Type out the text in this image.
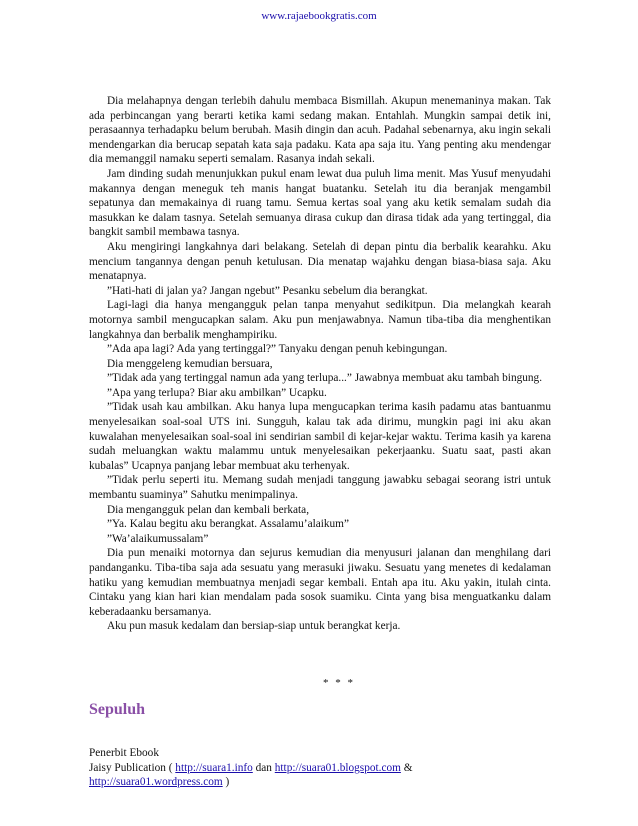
www.rajaebookgratis.com

Dia melahapnya dengan terlebih dahulu membaca Bismillah. Akupun menemaninya makan. Tak ada perbincangan yang berarti ketika kami sedang makan. Entahlah. Mungkin sampai detik ini, perasaannya terhadapku belum berubah. Masih dingin dan acuh. Padahal sebenarnya, aku ingin sekali mendengarkan dia berucap sepatah kata saja padaku. Kata apa saja itu. Yang penting aku mendengar dia memanggil namaku seperti semalam. Rasanya indah sekali.

Jam dinding sudah menunjukkan pukul enam lewat dua puluh lima menit. Mas Yusuf menyudahi makannya dengan meneguk teh manis hangat buatanku. Setelah itu dia beranjak mengambil sepatunya dan memakainya di ruang tamu. Semua kertas soal yang aku ketik semalam sudah dia masukkan ke dalam tasnya. Setelah semuanya dirasa cukup dan dirasa tidak ada yang tertinggal, dia bangkit sambil membawa tasnya.

Aku mengiringi langkahnya dari belakang. Setelah di depan pintu dia berbalik kearahku. Aku mencium tangannya dengan penuh ketulusan. Dia menatap wajahku dengan biasa-biasa saja. Aku menatapnya.

”Hati-hati di jalan ya? Jangan ngebut” Pesanku sebelum dia berangkat.

Lagi-lagi dia hanya mengangguk pelan tanpa menyahut sedikitpun. Dia melangkah kearah motornya sambil mengucapkan salam. Aku pun menjawabnya. Namun tiba-tiba dia menghentikan langkahnya dan berbalik menghampiriku.

”Ada apa lagi? Ada yang tertinggal?” Tanyaku dengan penuh kebingungan.

Dia menggeleng kemudian bersuara,

”Tidak ada yang tertinggal namun ada yang terlupa...” Jawabnya membuat aku tambah bingung.

”Apa yang terlupa? Biar aku ambilkan” Ucapku.

”Tidak usah kau ambilkan. Aku hanya lupa mengucapkan terima kasih padamu atas bantuanmu menyelesaikan soal-soal UTS ini. Sungguh, kalau tak ada dirimu, mungkin pagi ini aku akan kuwalahan menyelesaikan soal-soal ini sendirian sambil di kejar-kejar waktu. Terima kasih ya karena sudah meluangkan waktu malammu untuk menyelesaikan pekerjaanku. Suatu saat, pasti akan kubalas” Ucapnya panjang lebar membuat aku terhenyak.

”Tidak perlu seperti itu. Memang sudah menjadi tanggung jawabku sebagai seorang istri untuk membantu suaminya” Sahutku menimpalinya.

Dia mengangguk pelan dan kembali berkata,

”Ya. Kalau begitu aku berangkat. Assalamu’alaikum”

”Wa’alaikumussalam”

Dia pun menaiki motornya dan sejurus kemudian dia menyusuri jalanan dan menghilang dari pandanganku. Tiba-tiba saja ada sesuatu yang merasuki jiwaku. Sesuatu yang menetes di kedalaman hatiku yang kemudian membuatnya menjadi segar kembali. Entah apa itu. Aku yakin, itulah cinta. Cintaku yang kian hari kian mendalam pada sosok suamiku. Cinta yang bisa menguatkanku dalam keberadaanku bersamanya.

Aku pun masuk kedalam dan bersiap-siap untuk berangkat kerja.

* * *
Sepuluh
Penerbit Ebook
Jaisy Publication ( http://suara1.info dan http://suara01.blogspot.com &
http://suara01.wordpress.com )
